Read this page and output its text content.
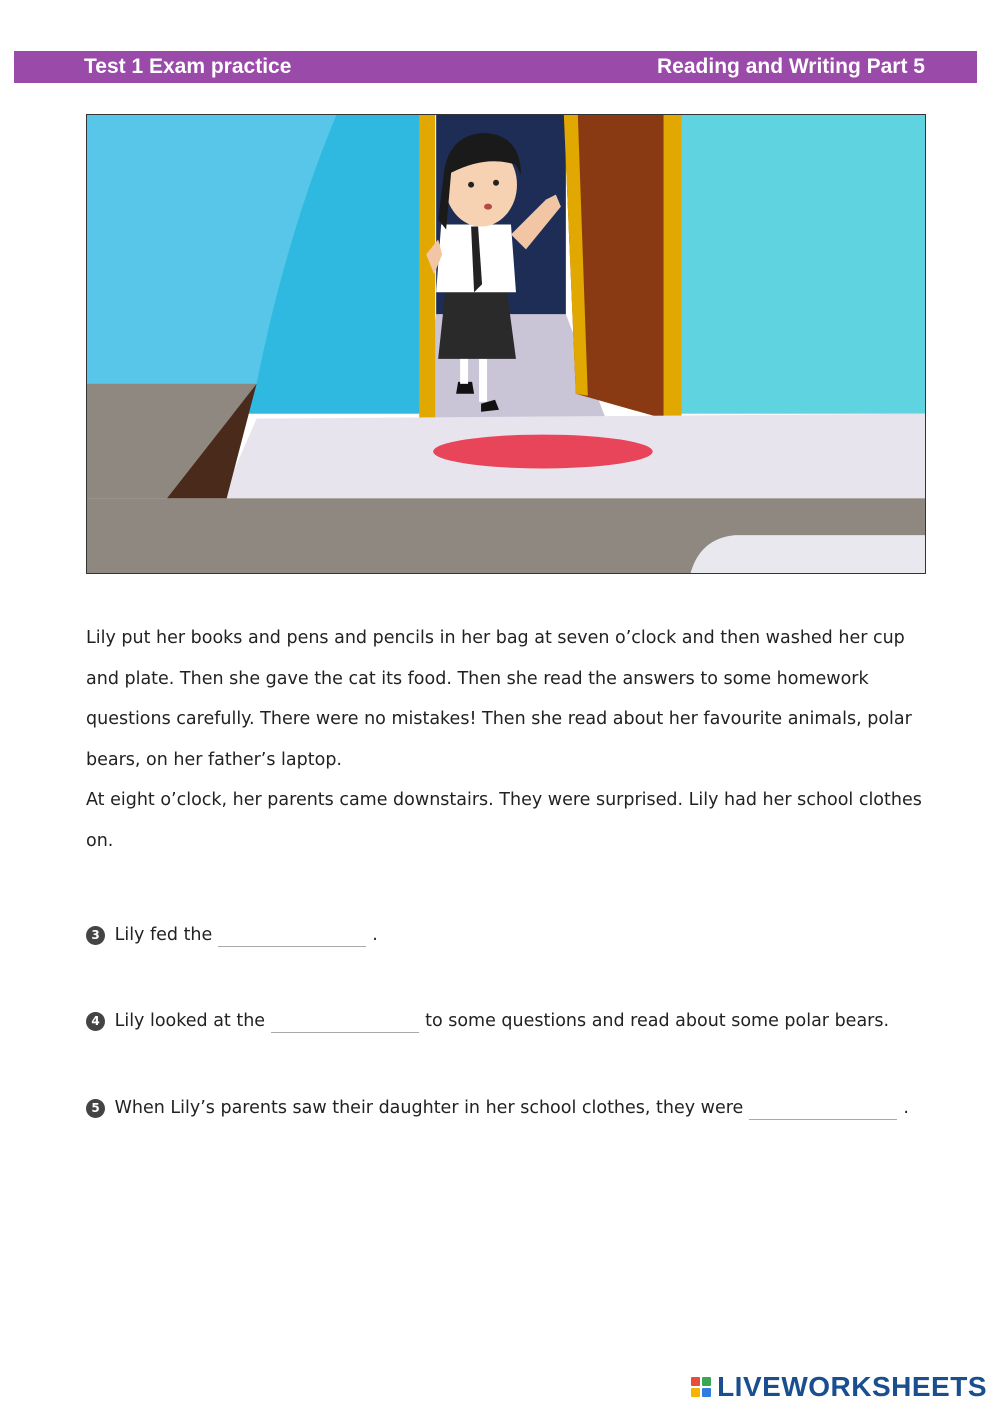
Test 1 Exam practice	Reading and Writing Part 5

Lily put her books and pens and pencils in her bag at seven o’clock and then washed her cup and plate. Then she gave the cat its food. Then she read the answers to some homework questions carefully. There were no mistakes! Then she read about her favourite animals, polar bears, on her father’s laptop.

At eight o’clock, her parents came downstairs. They were surprised. Lily had her school clothes on.

3 Lily fed the	.
4 Lily looked at the	to some questions and read about some polar bears.
5 When Lily’s parents saw their daughter in her school clothes, they were	.
LIVEWORKSHEETS
